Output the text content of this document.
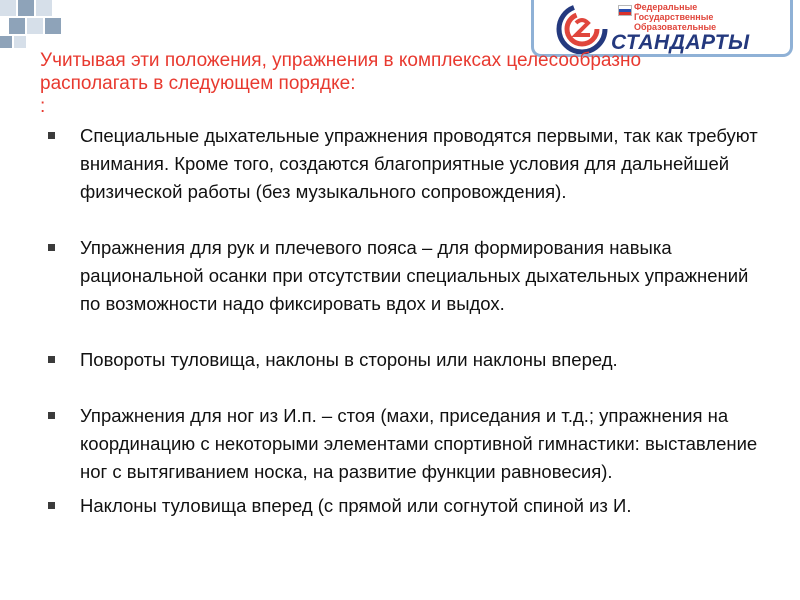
Федеральные
Государственные
Образовательные
СТАНДАРТЫ
Учитывая эти положения, упражнения в комплексах целесообразно располагать в следующем порядке:
:
Специальные дыхательные упражнения проводятся первыми, так как требуют внимания. Кроме того, создаются благоприятные условия для дальнейшей физической работы (без музыкального сопровождения).
Упражнения для рук и плечевого пояса – для формирования навыка рациональной осанки при отсутствии специальных дыхательных упражнений по возможности надо фиксировать вдох и выдох.
Повороты туловища, наклоны в стороны или наклоны вперед.
Упражнения для ног из И.п. – стоя (махи, приседания и т.д.; упражнения на координацию с некоторыми элементами спортивной гимнастики: выставление ног с вытягиванием носка, на развитие функции равновесия).
Наклоны туловища вперед (с прямой или согнутой спиной из И.
